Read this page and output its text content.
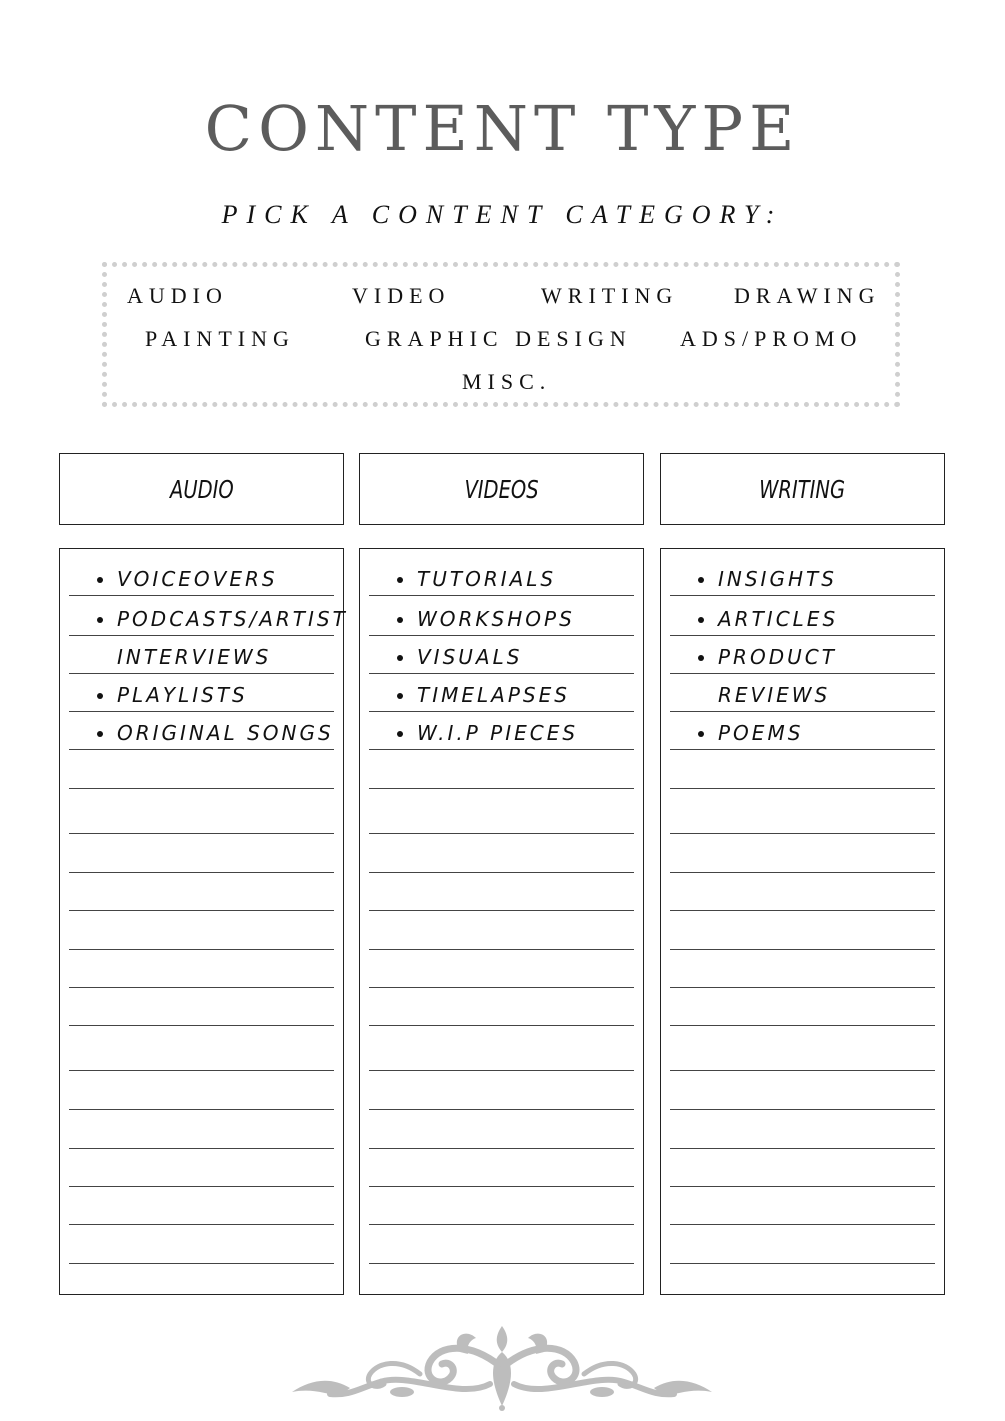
CONTENT TYPE

PICK A CONTENT CATEGORY:

AUDIO	VIDEO	WRITING	DRAWING
PAINTING	GRAPHIC DESIGN ADS/PROMO
MISC.
AUDIO	VIDEOS	WRITING
VOICEOVERS
PODCASTS/ARTIST
INTERVIEWS
PLAYLISTS
ORIGINAL SONGS
TUTORIALS
WORKSHOPS
VISUALS
TIMELAPSES
W.I.P PIECES
INSIGHTS
ARTICLES
PRODUCT
REVIEWS
POEMS
